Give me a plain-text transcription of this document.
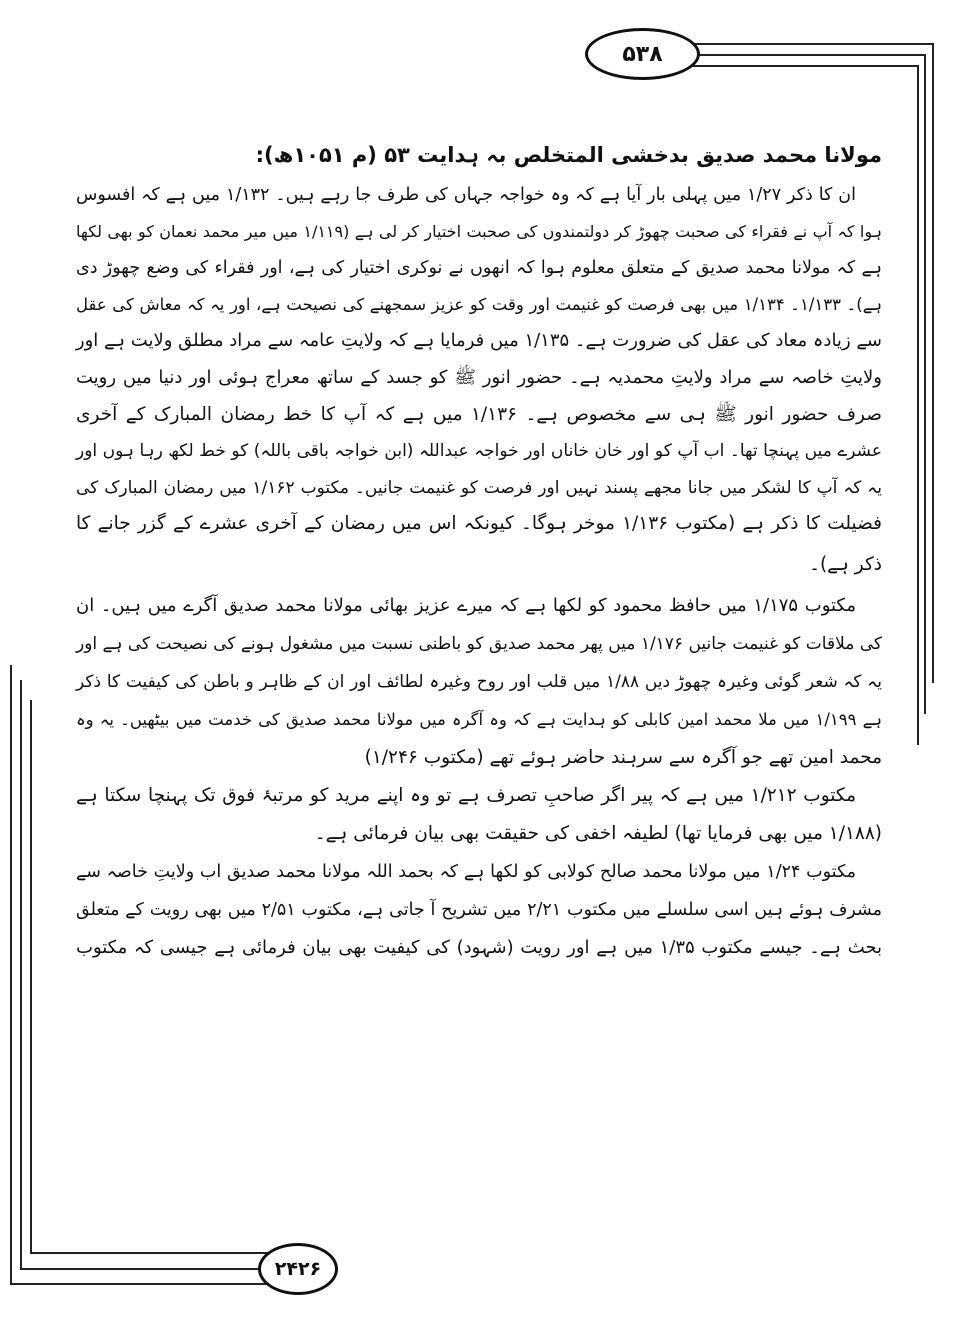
۵۳۸
۲۴۲۶
مولانا محمد صدیق بدخشی المتخلص بہ ہدایت ۵۳ (م ۱۰۵۱ھ):
ان کا ذکر ۱/۲۷ میں پہلی بار آیا ہے کہ وہ خواجہ جہاں کی طرف جا رہے ہیں۔ ۱/۱۳۲ میں ہے کہ افسوس
ہوا کہ آپ نے فقراء کی صحبت چھوڑ کر دولتمندوں کی صحبت اختیار کر لی ہے (۱/۱۱۹ میں میر محمد نعمان کو بھی لکھا
ہے کہ مولانا محمد صدیق کے متعلق معلوم ہوا کہ انھوں نے نوکری اختیار کی ہے، اور فقراء کی وضع چھوڑ دی
ہے)۔ ۱/۱۳۳۔ ۱/۱۳۴ میں بھی فرصت کو غنیمت اور وقت کو عزیز سمجھنے کی نصیحت ہے، اور یہ کہ معاش کی عقل
سے زیادہ معاد کی عقل کی ضرورت ہے۔ ۱/۱۳۵ میں فرمایا ہے کہ ولایتِ عامہ سے مراد مطلق ولایت ہے اور
ولایتِ خاصہ سے مراد ولایتِ محمدیہ ہے۔ حضور انور ﷺ کو جسد کے ساتھ معراج ہوئی اور دنیا میں رویت
صرف حضور انور ﷺ ہی سے مخصوص ہے۔ ۱/۱۳۶ میں ہے کہ آپ کا خط رمضان المبارک کے آخری
عشرے میں پہنچا تھا۔ اب آپ کو اور خان خاناں اور خواجہ عبداللہ (ابن خواجہ باقی باللہ) کو خط لکھ رہا ہوں اور
یہ کہ آپ کا لشکر میں جانا مجھے پسند نہیں اور فرصت کو غنیمت جانیں۔ مکتوب ۱/۱۶۲ میں رمضان المبارک کی
فضیلت کا ذکر ہے (مکتوب ۱/۱۳۶ موخر ہوگا۔ کیونکہ اس میں رمضان کے آخری عشرے کے گزر جانے کا
ذکر ہے)۔
مکتوب ۱/۱۷۵ میں حافظ محمود کو لکھا ہے کہ میرے عزیز بھائی مولانا محمد صدیق آگرے میں ہیں۔ ان
کی ملاقات کو غنیمت جانیں ۱/۱۷۶ میں پھر محمد صدیق کو باطنی نسبت میں مشغول ہونے کی نصیحت کی ہے اور
یہ کہ شعر گوئی وغیرہ چھوڑ دیں ۱/۸۸ میں قلب اور روح وغیرہ لطائف اور ان کے ظاہر و باطن کی کیفیت کا ذکر
ہے ۱/۱۹۹ میں ملا محمد امین کابلی کو ہدایت ہے کہ وہ آگرہ میں مولانا محمد صدیق کی خدمت میں بیٹھیں۔ یہ وہ
محمد امین تھے جو آگرہ سے سرہند حاضر ہوئے تھے (مکتوب ۱/۲۴۶)
مکتوب ۱/۲۱۲ میں ہے کہ پیر اگر صاحبِ تصرف ہے تو وہ اپنے مرید کو مرتبۂ فوق تک پہنچا سکتا ہے
(۱/۱۸۸ میں بھی فرمایا تھا) لطیفہ اخفی کی حقیقت بھی بیان فرمائی ہے۔
مکتوب ۱/۲۴ میں مولانا محمد صالح کولابی کو لکھا ہے کہ بحمد اللہ مولانا محمد صدیق اب ولایتِ خاصہ سے
مشرف ہوئے ہیں اسی سلسلے میں مکتوب ۲/۲۱ میں تشریح آ جاتی ہے، مکتوب ۲/۵۱ میں بھی رویت کے متعلق
بحث ہے۔ جیسے مکتوب ۱/۳۵ میں ہے اور رویت (شہود) کی کیفیت بھی بیان فرمائی ہے جیسی کہ مکتوب
